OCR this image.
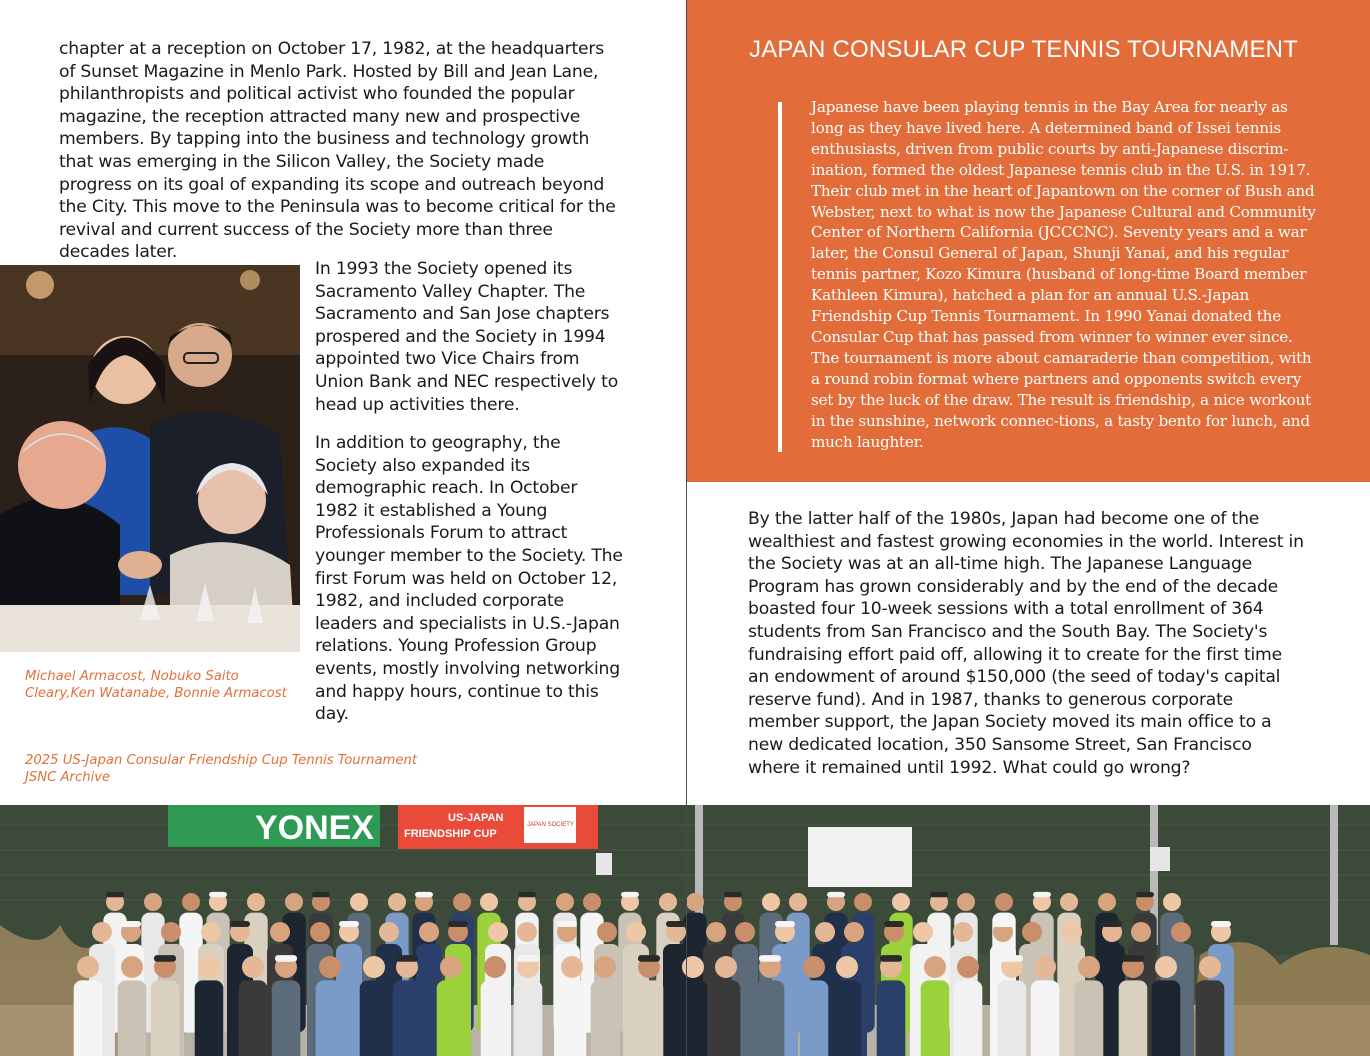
chapter at a reception on October 17, 1982, at the headquarters of Sunset Magazine in Menlo Park. Hosted by Bill and Jean Lane, philanthropists and political activist who founded the popular magazine, the reception attracted many new and prospective members. By tapping into the business and technology growth that was emerging in the Silicon Valley, the Society made progress on its goal of expanding its scope and outreach beyond the City. This move to the Peninsula was to become critical for the revival and current success of the Society more than three decades later.

Michael Armacost, Nobuko Saito Cleary,Ken Watanabe, Bonnie Armacost

In 1993 the Society opened its Sacramento Valley Chapter. The Sacramento and San Jose chapters prospered and the Society in 1994 appointed two Vice Chairs from Union Bank and NEC respectively to head up activities there.

In addition to geography, the Society also expanded its demographic reach. In October 1982 it established a Young Professionals Forum to attract younger member to the Society. The first Forum was held on October 12, 1982, and included corporate leaders and specialists in U.S.-Japan relations. Young Profession Group events, mostly involving networking and happy hours, continue to this day.

2025 US-Japan Consular Friendship Cup Tennis Tournament
JSNC Archive
JAPAN CONSULAR CUP TENNIS TOURNAMENT

Japanese have been playing tennis in the Bay Area for nearly as long as they have lived here. A determined band of Issei tennis enthusiasts, driven from public courts by anti-Japanese discrim-ination, formed the oldest Japanese tennis club in the U.S. in 1917. Their club met in the heart of Japantown on the corner of Bush and Webster, next to what is now the Japanese Cultural and Community Center of Northern California (JCCCNC). Seventy years and a war later, the Consul General of Japan, Shunji Yanai, and his regular tennis partner, Kozo Kimura (husband of long-time Board member Kathleen Kimura), hatched a plan for an annual U.S.-Japan Friendship Cup Tennis Tournament. In 1990 Yanai donated the Consular Cup that has passed from winner to winner ever since. The tournament is more about camaraderie than competition, with a round robin format where partners and opponents switch every set by the luck of the draw. The result is friendship, a nice workout in the sunshine, network connec-tions, a tasty bento for lunch, and much laughter.

By the latter half of the 1980s, Japan had become one of the wealthiest and fastest growing economies in the world. Interest in the Society was at an all-time high. The Japanese Language Program has grown considerably and by the end of the decade boasted four 10-week sessions with a total enrollment of 364 students from San Francisco and the South Bay. The Society's fundraising effort paid off, allowing it to create for the first time an endowment of around $150,000 (the seed of today's capital reserve fund). And in 1987, thanks to generous corporate member support, the Japan Society moved its main office to a new dedicated location, 350 Sansome Street, San Francisco where it remained until 1992. What could go wrong?

YONEX	US-JAPAN
FRIENDSHIP CUP
JAPAN SOCIETY
